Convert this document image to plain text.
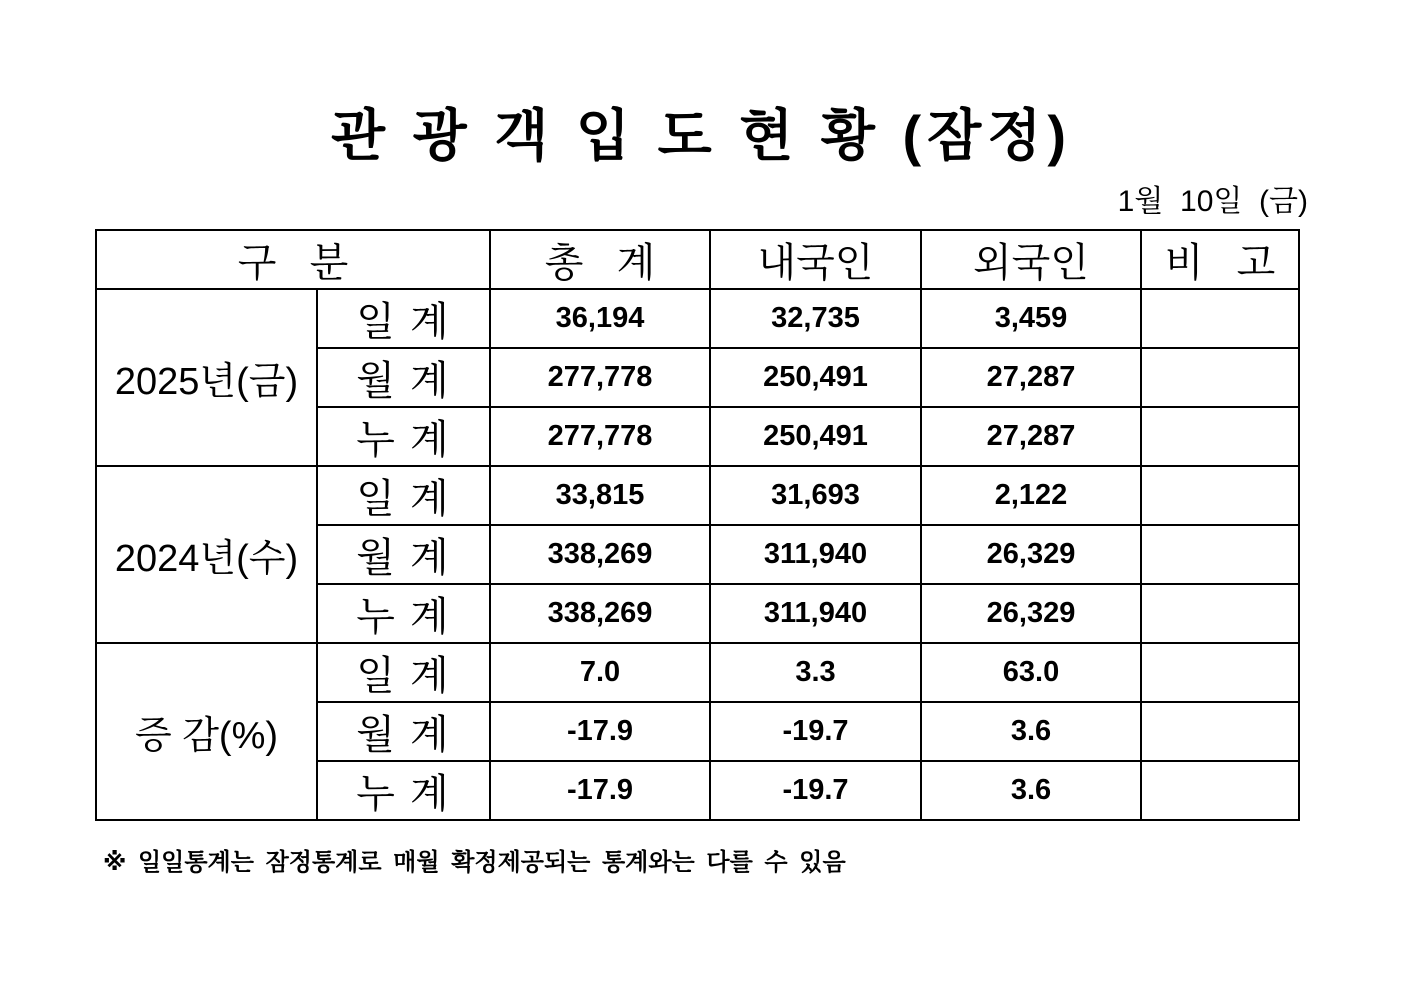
관 광 객 입 도 현 황 (잠정)
1월  10일  (금)
구   분		총   계	내국인	외국인	비   고
2025년(금)	일 계	36,194	32,735	3,459	
	월 계	277,778	250,491	27,287	
	누 계	277,778	250,491	27,287	
2024년(수)	일 계	33,815	31,693	2,122	
	월 계	338,269	311,940	26,329	
	누 계	338,269	311,940	26,329	
증 감(%)	일 계	7.0	3.3	63.0	
	월 계	-17.9	-19.7	3.6	
	누 계	-17.9	-19.7	3.6	
※ 일일통계는 잠정통계로 매월 확정제공되는 통계와는 다를 수 있음
